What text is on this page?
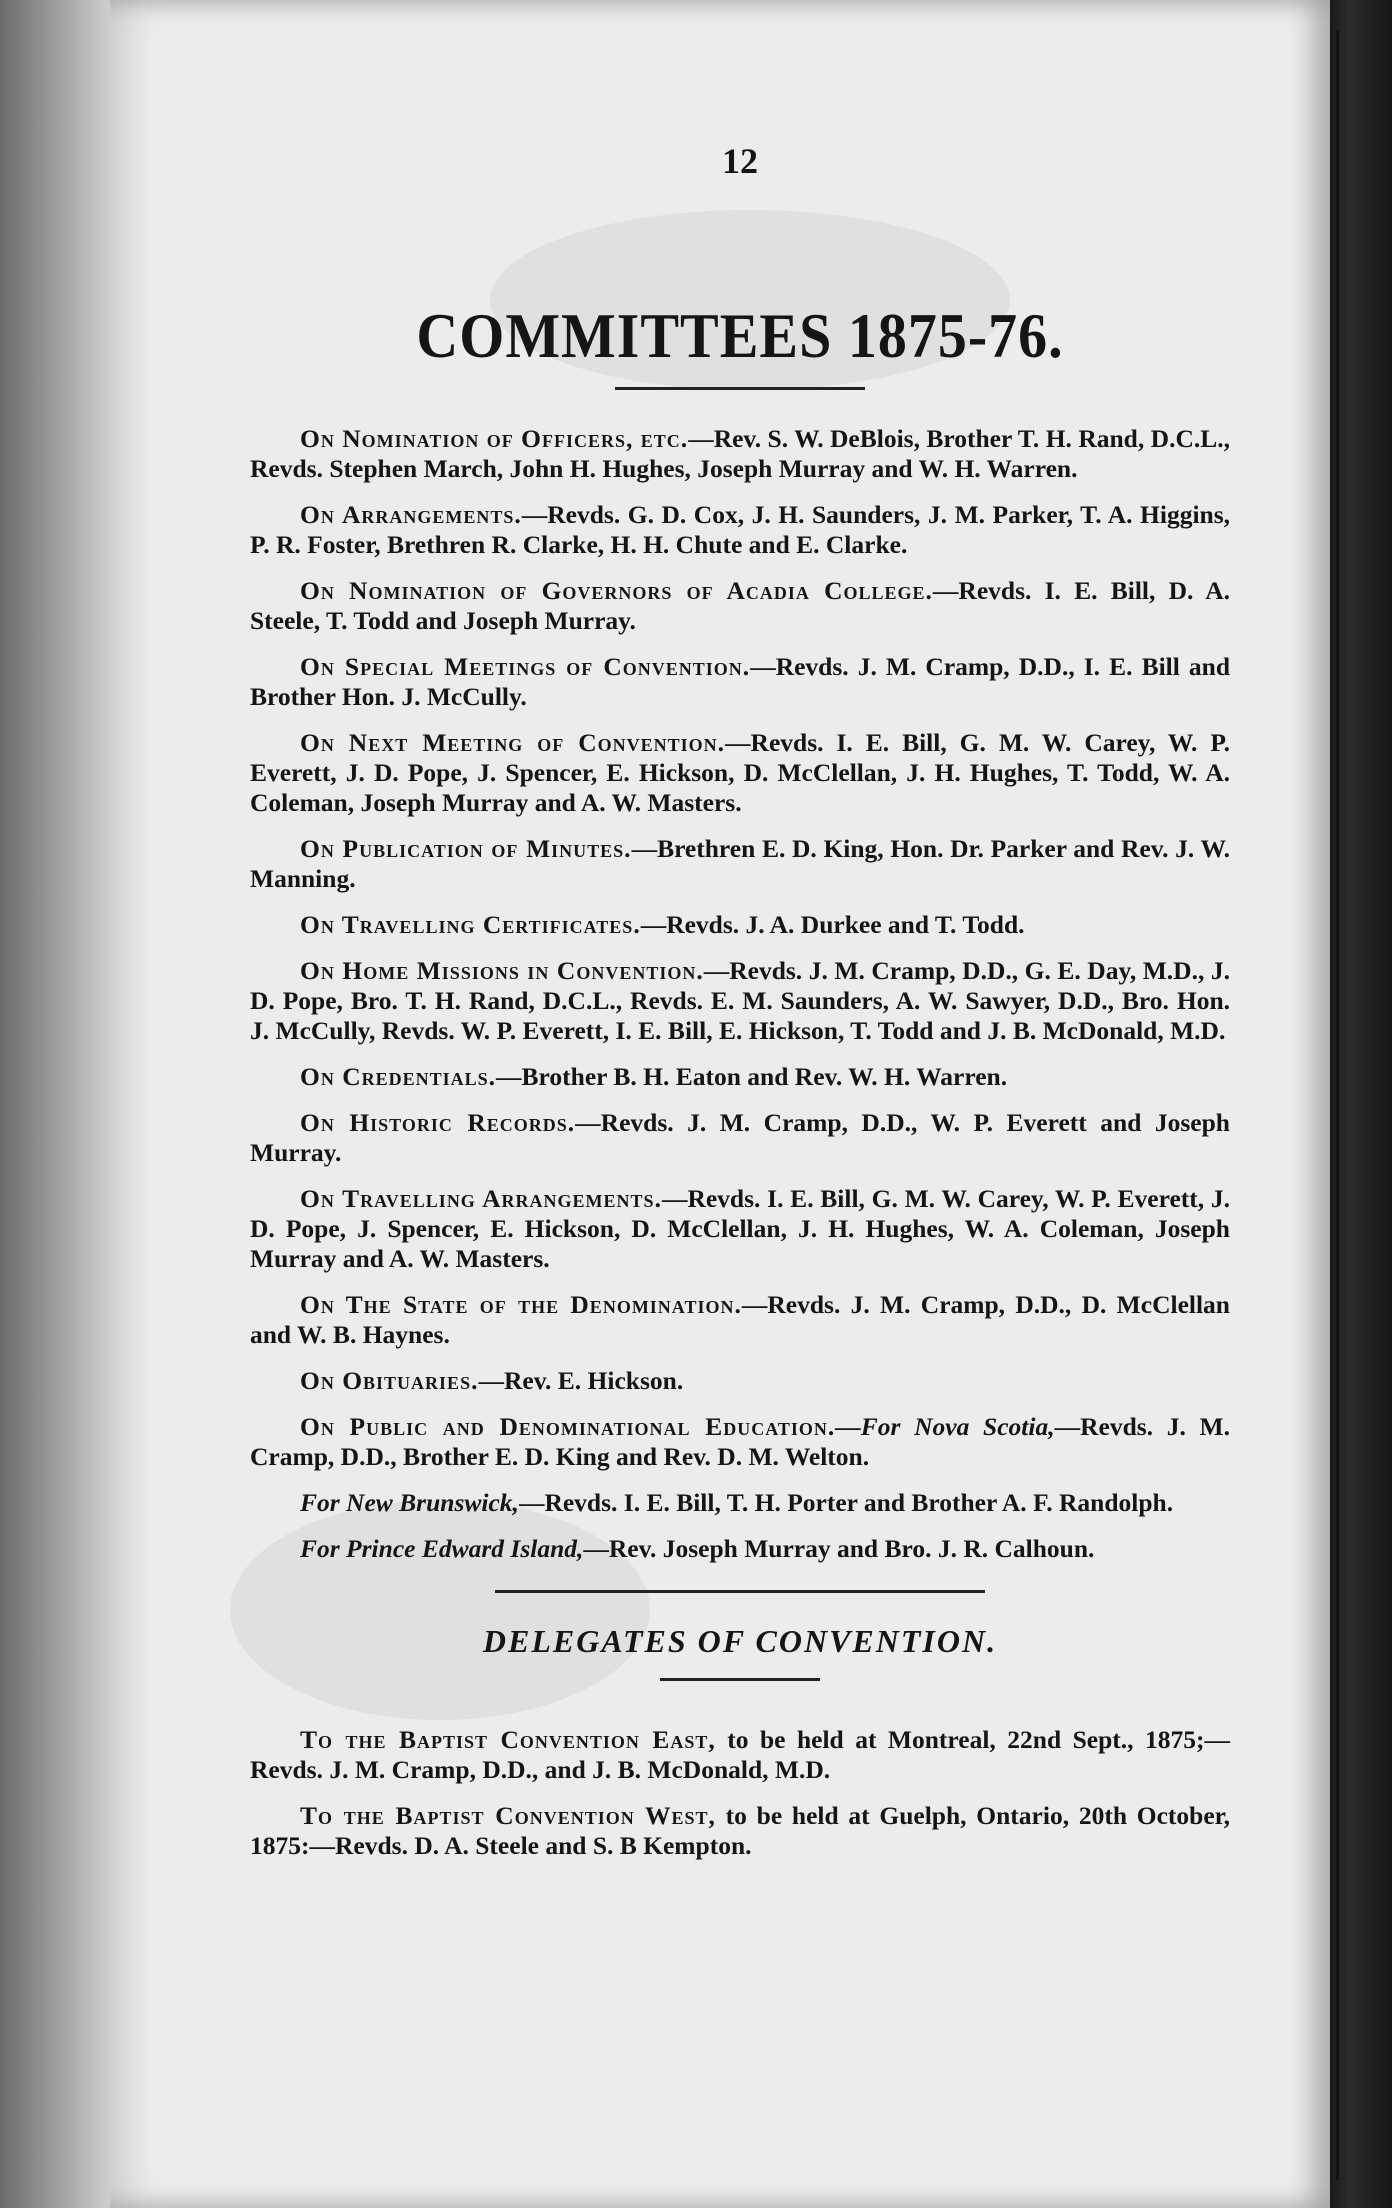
12
COMMITTEES 1875-76.

On Nomination of Officers, etc.—Rev. S. W. DeBlois, Brother T. H. Rand, D.C.L., Revds. Stephen March, John H. Hughes, Joseph Murray and W. H. Warren.

On Arrangements.—Revds. G. D. Cox, J. H. Saunders, J. M. Parker, T. A. Higgins, P. R. Foster, Brethren R. Clarke, H. H. Chute and E. Clarke.

On Nomination of Governors of Acadia College.—Revds. I. E. Bill, D. A. Steele, T. Todd and Joseph Murray.

On Special Meetings of Convention.—Revds. J. M. Cramp, D.D., I. E. Bill and Brother Hon. J. McCully.

On Next Meeting of Convention.—Revds. I. E. Bill, G. M. W. Carey, W. P. Everett, J. D. Pope, J. Spencer, E. Hickson, D. McClellan, J. H. Hughes, T. Todd, W. A. Coleman, Joseph Murray and A. W. Masters.

On Publication of Minutes.—Brethren E. D. King, Hon. Dr. Parker and Rev. J. W. Manning.

On Travelling Certificates.—Revds. J. A. Durkee and T. Todd.

On Home Missions in Convention.—Revds. J. M. Cramp, D.D., G. E. Day, M.D., J. D. Pope, Bro. T. H. Rand, D.C.L., Revds. E. M. Saunders, A. W. Sawyer, D.D., Bro. Hon. J. McCully, Revds. W. P. Everett, I. E. Bill, E. Hickson, T. Todd and J. B. McDonald, M.D.

On Credentials.—Brother B. H. Eaton and Rev. W. H. Warren.

On Historic Records.—Revds. J. M. Cramp, D.D., W. P. Everett and Joseph Murray.

On Travelling Arrangements.—Revds. I. E. Bill, G. M. W. Carey, W. P. Everett, J. D. Pope, J. Spencer, E. Hickson, D. McClellan, J. H. Hughes, W. A. Coleman, Joseph Murray and A. W. Masters.

On The State of the Denomination.—Revds. J. M. Cramp, D.D., D. McClellan and W. B. Haynes.

On Obituaries.—Rev. E. Hickson.

On Public and Denominational Education.—For Nova Scotia,—Revds. J. M. Cramp, D.D., Brother E. D. King and Rev. D. M. Welton.

For New Brunswick,—Revds. I. E. Bill, T. H. Porter and Brother A. F. Randolph.

For Prince Edward Island,—Rev. Joseph Murray and Bro. J. R. Calhoun.

DELEGATES OF CONVENTION.

To the Baptist Convention East, to be held at Montreal, 22nd Sept., 1875;—Revds. J. M. Cramp, D.D., and J. B. McDonald, M.D.

To the Baptist Convention West, to be held at Guelph, Ontario, 20th October, 1875:—Revds. D. A. Steele and S. B Kempton.
